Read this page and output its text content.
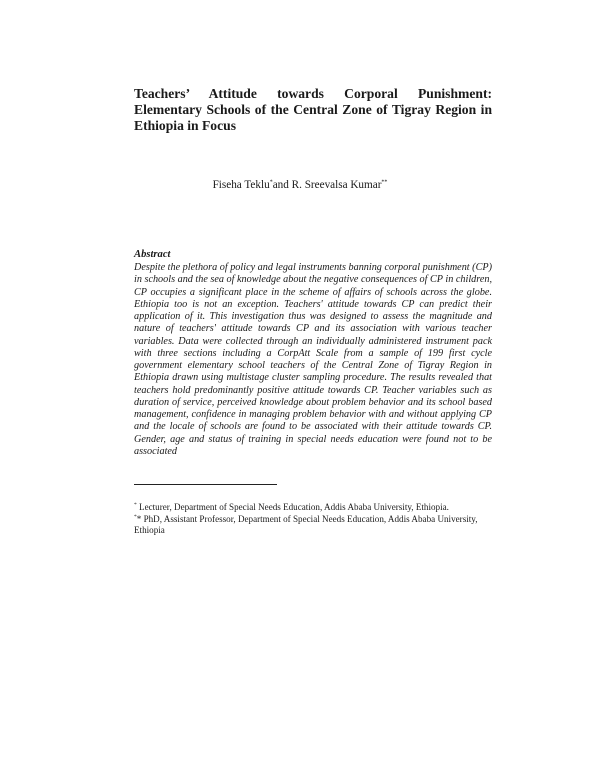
Teachers’ Attitude towards Corporal Punishment:
Elementary Schools of the Central Zone of Tigray Region in
Ethiopia in Focus
Fiseha Teklu*and R. Sreevalsa Kumar**

Abstract

Despite the plethora of policy and legal instruments banning corporal punishment (CP) in schools and the sea of knowledge about the negative consequences of CP in children, CP occupies a significant place in the scheme of affairs of schools across the globe. Ethiopia too is not an exception. Teachers' attitude towards CP can predict their application of it. This investigation thus was designed to assess the magnitude and nature of teachers' attitude towards CP and its association with various teacher variables. Data were collected through an individually administered instrument pack with three sections including a CorpAtt Scale from a sample of 199 first cycle government elementary school teachers of the Central Zone of Tigray Region in Ethiopia drawn using multistage cluster sampling procedure. The results revealed that teachers hold predominantly positive attitude towards CP. Teacher variables such as duration of service, perceived knowledge about problem behavior and its school based management, confidence in managing problem behavior with and without applying CP and the locale of schools are found to be associated with their attitude towards CP. Gender, age and status of training in special needs education were found not to be associated

* Lecturer, Department of Special Needs Education, Addis Ababa University, Ethiopia.

** PhD, Assistant Professor, Department of Special Needs Education, Addis Ababa University, Ethiopia
